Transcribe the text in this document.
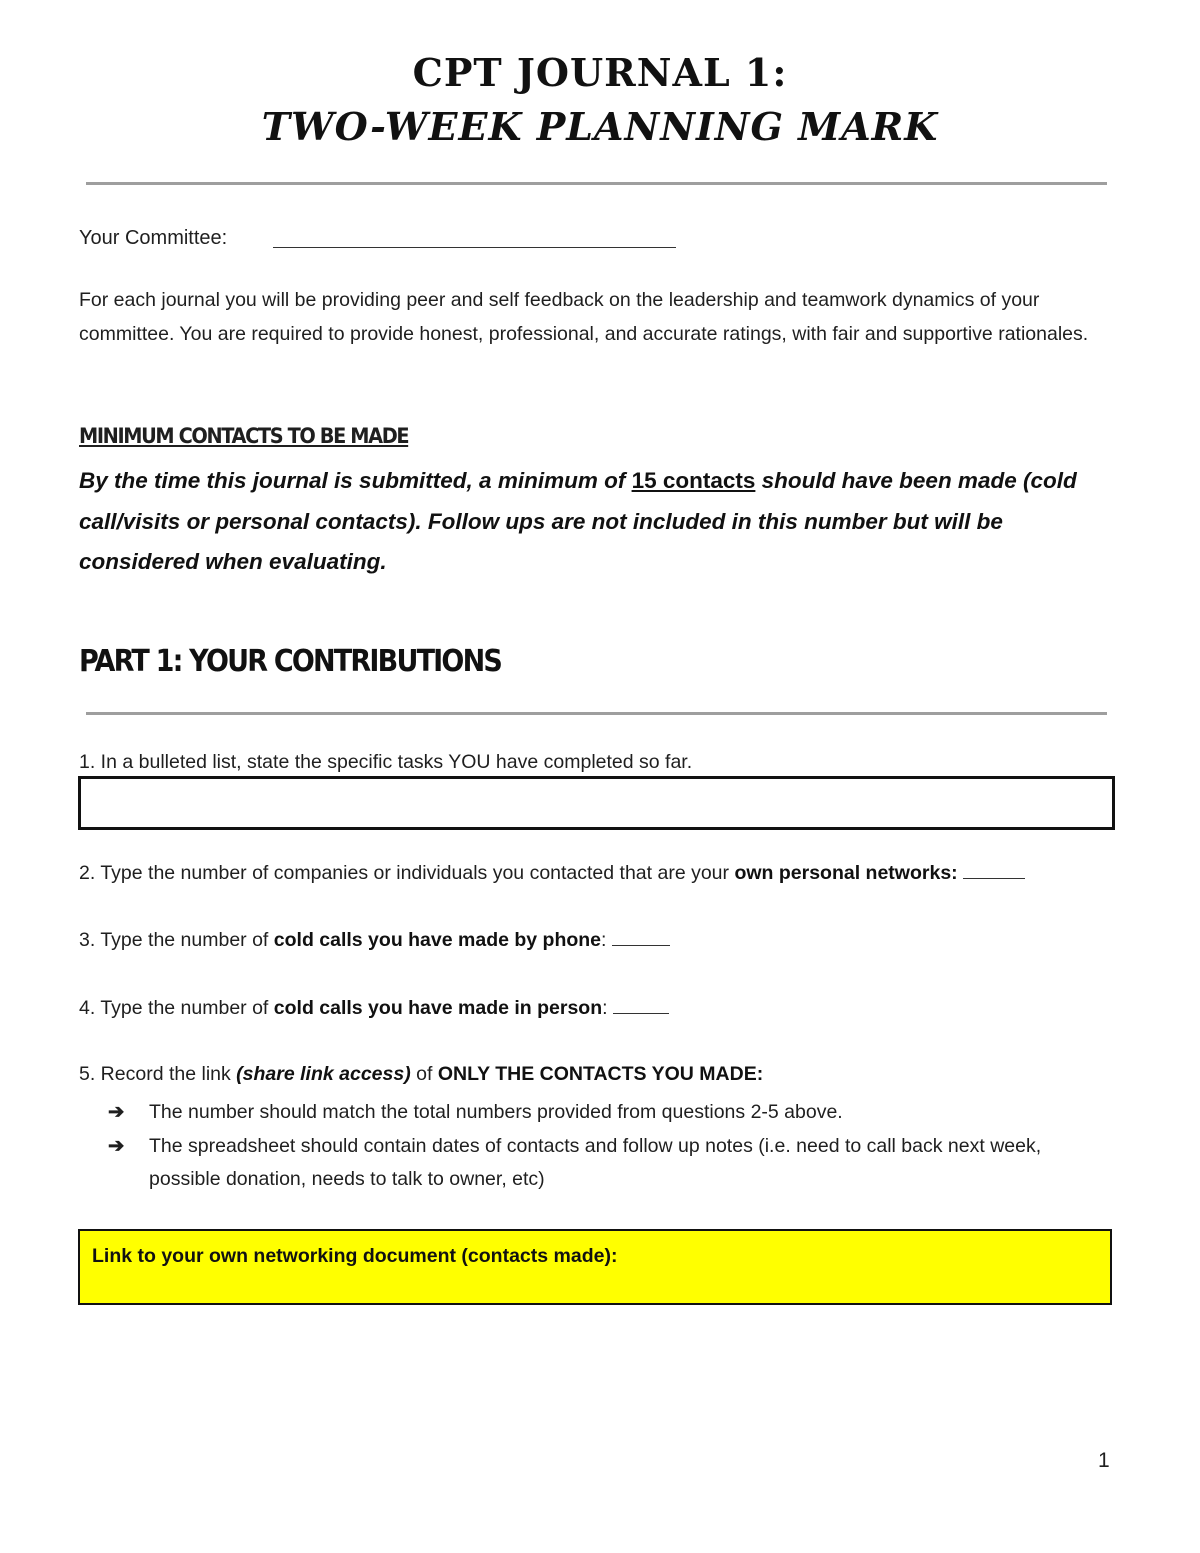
CPT JOURNAL 1:
TWO-WEEK PLANNING MARK
Your Committee:
For each journal you will be providing peer and self feedback on the leadership and teamwork dynamics of your committee. You are required to provide honest, professional, and accurate ratings, with fair and supportive rationales.
MINIMUM CONTACTS TO BE MADE
By the time this journal is submitted, a minimum of 15 contacts should have been made (cold call/visits or personal contacts). Follow ups are not included in this number but will be considered when evaluating.
PART 1: YOUR CONTRIBUTIONS
1. In a bulleted list, state the specific tasks YOU have completed so far.
2. Type the number of companies or individuals you contacted that are your own personal networks:
3. Type the number of cold calls you have made by phone:
4. Type the number of cold calls you have made in person:
5. Record the link (share link access) of ONLY THE CONTACTS YOU MADE:
➔ The number should match the total numbers provided from questions 2-5 above.
➔ The spreadsheet should contain dates of contacts and follow up notes (i.e. need to call back next week, possible donation, needs to talk to owner, etc)
Link to your own networking document (contacts made):
1
